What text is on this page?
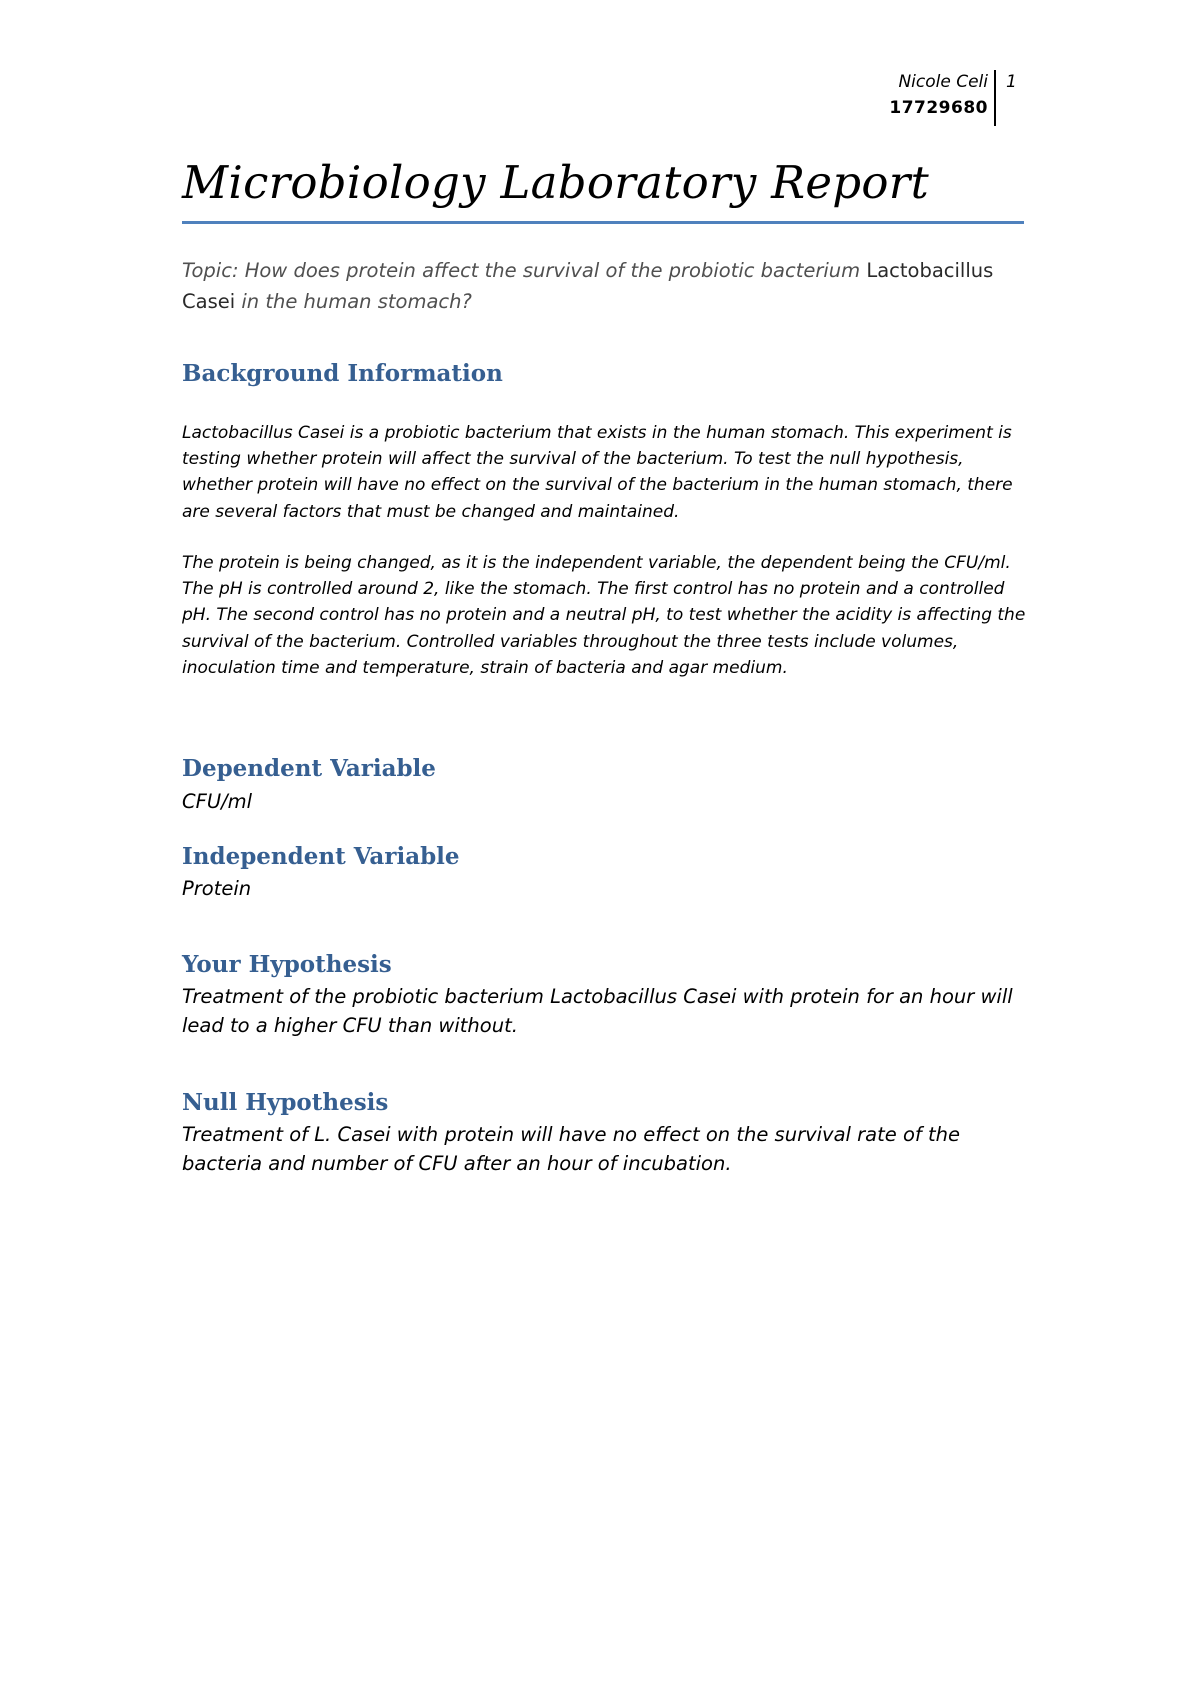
Nicole Celi
17729680
1
Microbiology Laboratory Report
Topic: How does protein affect the survival of the probiotic bacterium Lactobacillus Casei in the human stomach?
Background Information
Lactobacillus Casei is a probiotic bacterium that exists in the human stomach. This experiment is testing whether protein will affect the survival of the bacterium. To test the null hypothesis, whether protein will have no effect on the survival of the bacterium in the human stomach, there are several factors that must be changed and maintained.
The protein is being changed, as it is the independent variable, the dependent being the CFU/ml. The pH is controlled around 2, like the stomach. The first control has no protein and a controlled pH. The second control has no protein and a neutral pH, to test whether the acidity is affecting the survival of the bacterium. Controlled variables throughout the three tests include volumes, inoculation time and temperature, strain of bacteria and agar medium.
Dependent Variable
CFU/ml
Independent Variable
Protein
Your Hypothesis
Treatment of the probiotic bacterium Lactobacillus Casei with protein for an hour will lead to a higher CFU than without.
Null Hypothesis
Treatment of L. Casei with protein will have no effect on the survival rate of the bacteria and number of CFU after an hour of incubation.
